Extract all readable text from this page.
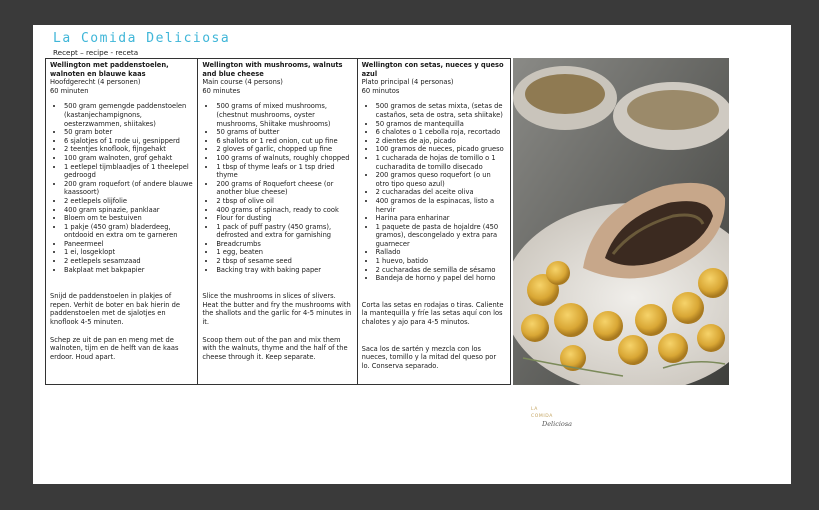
La Comida Deliciosa
Recept – recipe - receta
Wellington met paddenstoelen, walnoten en blauwe kaas
Hoofdgerecht (4 personen)
60 minuten
• 500 gram gemengde paddenstoelen (kastanjechampignons, oesterzwammen, shiitakes)
• 50 gram boter
• 6 sjalotjes of 1 rode ui, gesnipperd
• 2 teentjes knoflook, fijngehakt
• 100 gram walnoten, grof gehakt
• 1 eetlepel tijmblaadjes of 1 theelepel gedroogd
• 200 gram roquefort (of andere blauwe kaassoort)
• 2 eetlepels olijfolie
• 400 gram spinazie, panklaar
• Bloem om te bestuiven
• 1 pakje (450 gram) bladerdeeg, ontdooid en extra om te garneren
• Paneermeel
• 1 ei, losgeklopt
• 2 eetlepels sesamzaad
• Bakplaat met bakpapier

Snijd de paddenstoelen in plakjes of repen. Verhit de boter en bak hierin de paddenstoelen met de sjalotjes en knoflook 4-5 minuten.

Schep ze uit de pan en meng met de walnoten, tijm en de helft van de kaas erdoor. Houd apart.

Wellington with mushrooms, walnuts and blue cheese
Main course (4 persons)
60 minutes
• 500 grams of mixed mushrooms, (chestnut mushrooms, oyster mushrooms, Shiitake mushrooms)
• 50 grams of butter
• 6 shallots or 1 red onion, cut up fine
• 2 gloves of garlic, chopped up fine
• 100 grams of walnuts, roughly chopped
• 1 tbsp of thyme leafs or 1 tsp dried thyme
• 200 grams of Roquefort cheese (or another blue cheese)
• 2 tbsp of olive oil
• 400 grams of spinach, ready to cook
• Flour for dusting
• 1 pack of puff pastry (450 grams), defrosted and extra for garnishing
• Breadcrumbs
• 1 egg, beaten
• 2 tbsp of sesame seed
• Backing tray with baking paper

Slice the mushrooms in slices of slivers. Heat the butter and fry the mushrooms with the shallots and the garlic for 4-5 minutes in it.

Scoop them out of the pan and mix them with the walnuts, thyme and the half of the cheese through it. Keep separate.

Wellington con setas, nueces y queso azul
Plato principal (4 personas)
60 minutos
• 500 gramos de setas mixta, (setas de castaños, seta de ostra, seta shiitake)
• 50 gramos de mantequilla
• 6 chalotes o 1 cebolla roja, recortado
• 2 dientes de ajo, picado
• 100 gramos de nueces, picado grueso
• 1 cucharada de hojas de tomillo o 1 cucharadita de tomillo disecado
• 200 gramos queso roquefort (o un otro tipo queso azul)
• 2 cucharadas del aceite oliva
• 400 gramos de la espinacas, listo a hervir
• Harina para enharinar
• 1 paquete de pasta de hojaldre (450 gramos), descongelado y extra para guarnecer
• Rallado
• 1 huevo, batido
• 2 cucharadas de semilla de sésamo
• Bandeja de horno y papel del horno

Corta las setas en rodajas o tiras. Caliente la mantequilla y fríe las setas aquí con los chalotes y ajo para 4-5 minutos.

Saca los de sartén y mezcla con los nueces, tomillo y la mitad del queso por lo. Conserva separado.

LA
COMIDA
Deliciosa
